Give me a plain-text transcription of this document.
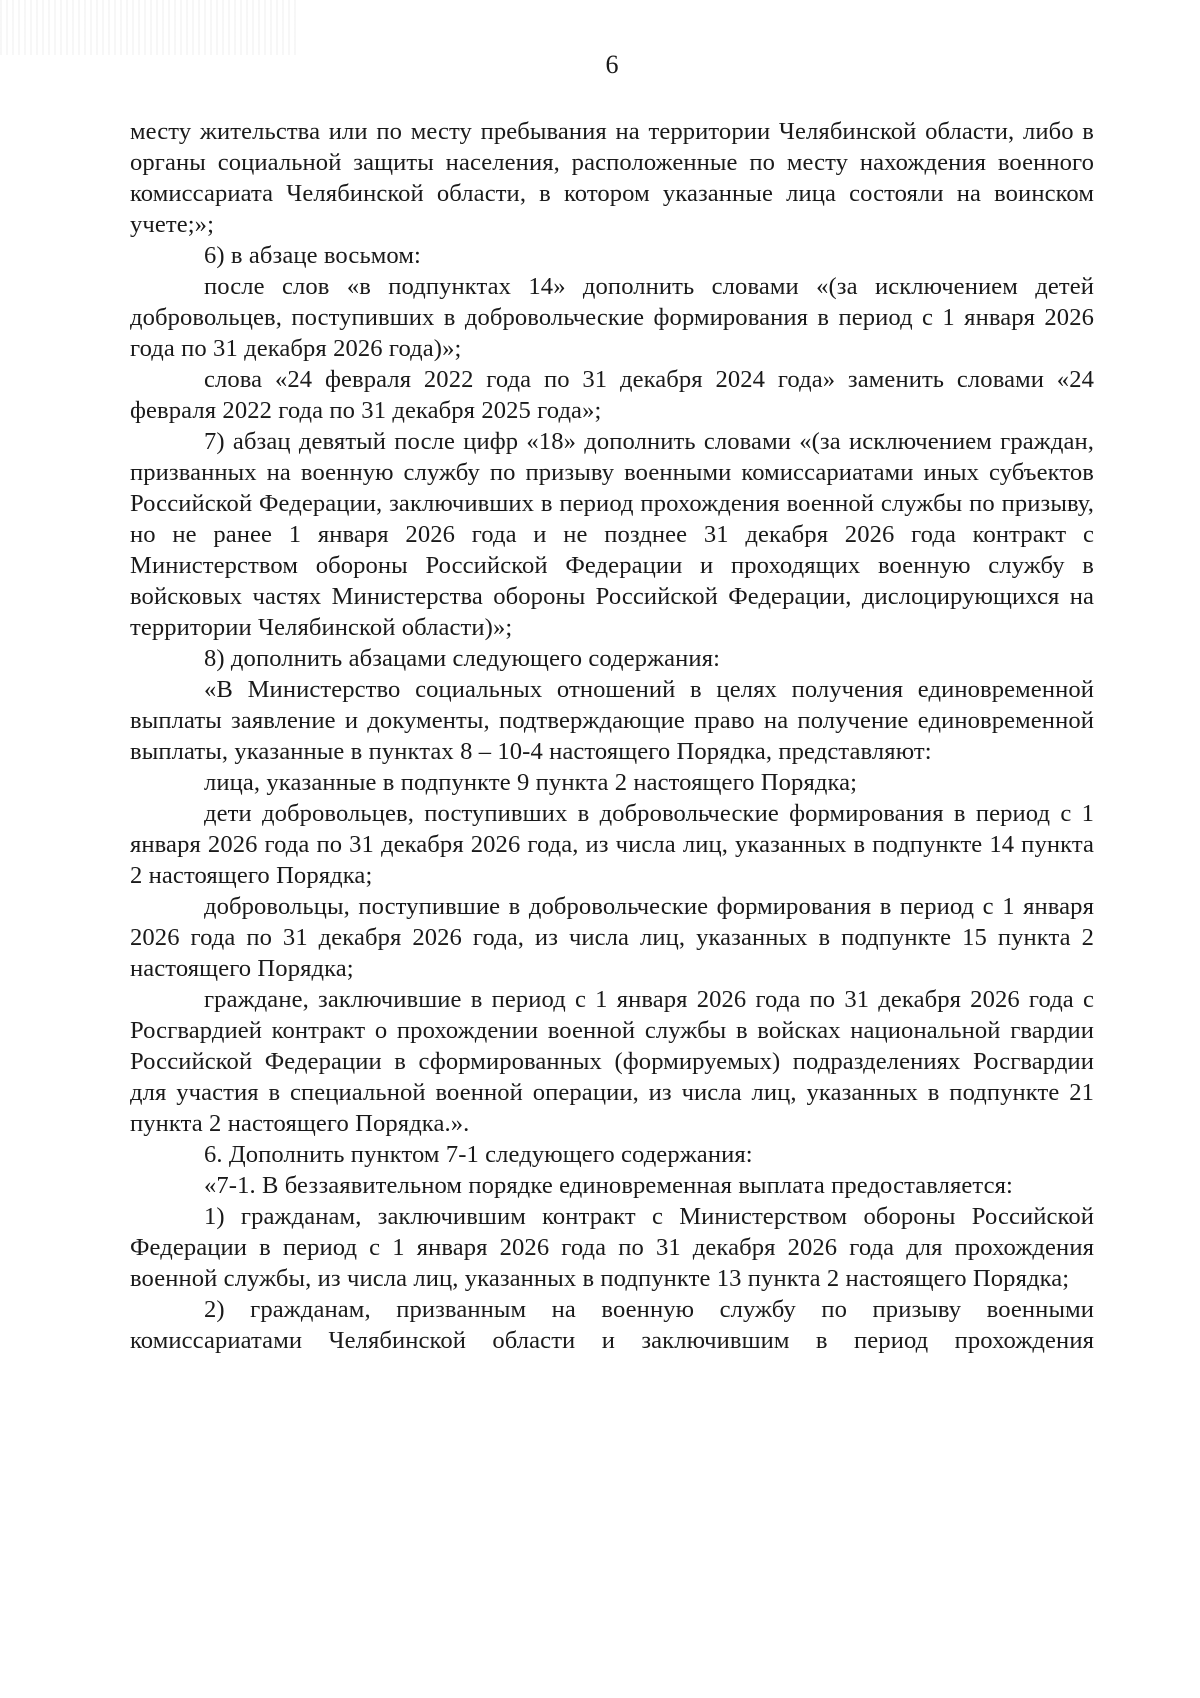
6

месту жительства или по месту пребывания на территории Челябинской области, либо в органы социальной защиты населения, расположенные по месту нахождения военного комиссариата Челябинской области, в котором указанные лица состояли на воинском учете;»;

6) в абзаце восьмом:

после слов «в подпунктах 14» дополнить словами «(за исключением детей добровольцев, поступивших в добровольческие формирования в период с 1 января 2026 года по 31 декабря 2026 года)»;

слова «24 февраля 2022 года по 31 декабря 2024 года» заменить словами «24 февраля 2022 года по 31 декабря 2025 года»;

7) абзац девятый после цифр «18» дополнить словами «(за исключением граждан, призванных на военную службу по призыву военными комиссариатами иных субъектов Российской Федерации, заключивших в период прохождения военной службы по призыву, но не ранее 1 января 2026 года и не позднее 31 декабря 2026 года контракт с Министерством обороны Российской Федерации и проходящих военную службу в войсковых частях Министерства обороны Российской Федерации, дислоцирующихся на территории Челябинской области)»;

8) дополнить абзацами следующего содержания:

«В Министерство социальных отношений в целях получения единовременной выплаты заявление и документы, подтверждающие право на получение единовременной выплаты, указанные в пунктах 8 – 10-4 настоящего Порядка, представляют:

лица, указанные в подпункте 9 пункта 2 настоящего Порядка;

дети добровольцев, поступивших в добровольческие формирования в период с 1 января 2026 года по 31 декабря 2026 года, из числа лиц, указанных в подпункте 14 пункта 2 настоящего Порядка;

добровольцы, поступившие в добровольческие формирования в период с 1 января 2026 года по 31 декабря 2026 года, из числа лиц, указанных в подпункте 15 пункта 2 настоящего Порядка;

граждане, заключившие в период с 1 января 2026 года по 31 декабря 2026 года с Росгвардией контракт о прохождении военной службы в войсках национальной гвардии Российской Федерации в сформированных (формируемых) подразделениях Росгвардии для участия в специальной военной операции, из числа лиц, указанных в подпункте 21 пункта 2 настоящего Порядка.».

6. Дополнить пунктом 7-1 следующего содержания:

«7-1. В беззаявительном порядке единовременная выплата предоставляется:

1) гражданам, заключившим контракт с Министерством обороны Российской Федерации в период с 1 января 2026 года по 31 декабря 2026 года для прохождения военной службы, из числа лиц, указанных в подпункте 13 пункта 2 настоящего Порядка;

2) гражданам, призванным на военную службу по призыву военными комиссариатами Челябинской области и заключившим в период прохождения
